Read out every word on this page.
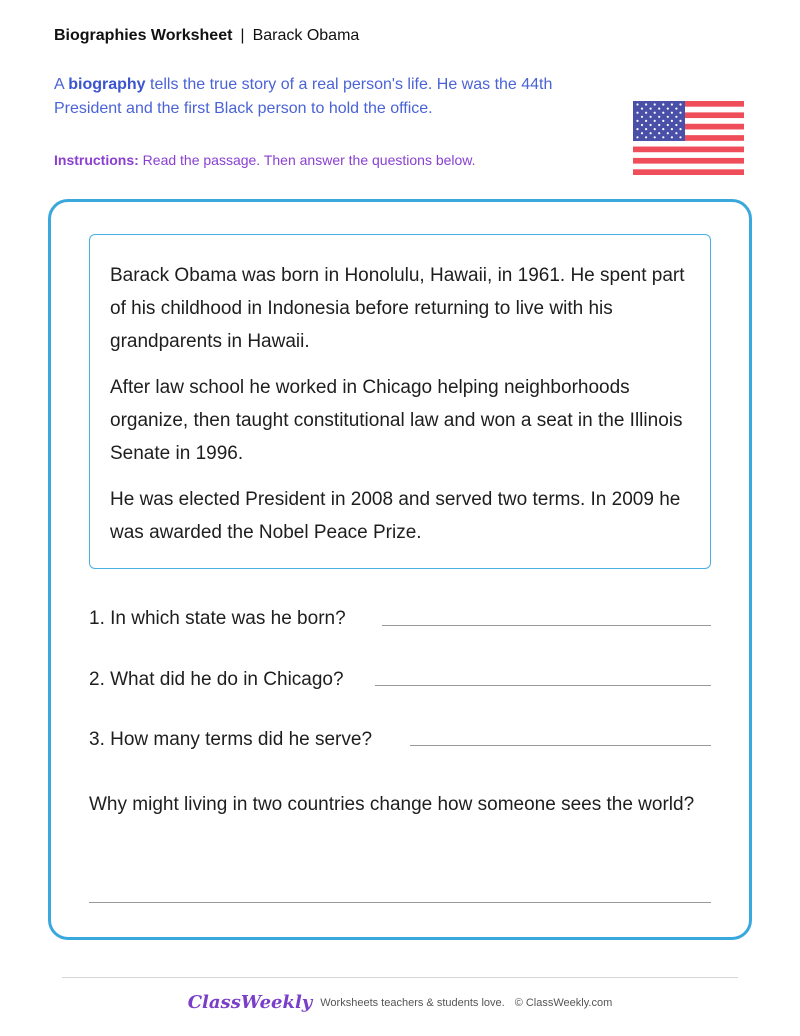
Biographies Worksheet | Barack Obama
A biography tells the true story of a real person's life. He was the 44th President and the first Black person to hold the office.
Instructions: Read the passage. Then answer the questions below.

Barack Obama was born in Honolulu, Hawaii, in 1961. He spent part of his childhood in Indonesia before returning to live with his grandparents in Hawaii.

After law school he worked in Chicago helping neighborhoods organize, then taught constitutional law and won a seat in the Illinois Senate in 1996.

He was elected President in 2008 and served two terms. In 2009 he was awarded the Nobel Peace Prize.

1. In which state was he born?
2. What did he do in Chicago?
3. How many terms did he serve?
Why might living in two countries change how someone sees the world?
ClassWeekly Worksheets teachers & students love. © ClassWeekly.com
